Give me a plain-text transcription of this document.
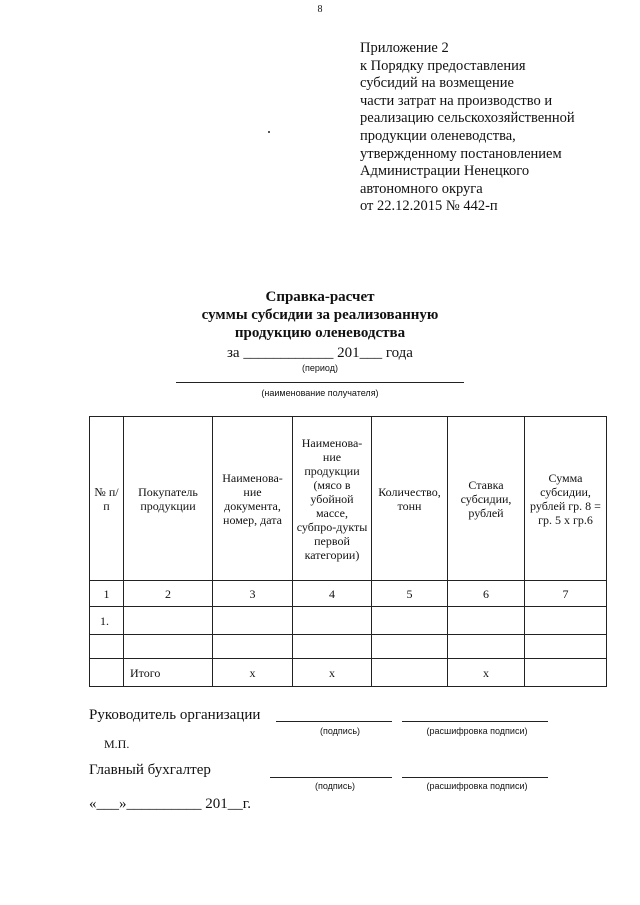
8
Приложение 2
к Порядку предоставления
субсидий на возмещение
части затрат на производство и
реализацию сельскохозяйственной
продукции оленеводства,
утвержденному постановлением
Администрации Ненецкого
автономного округа
от 22.12.2015 № 442-п
Справка-расчет
суммы субсидии за реализованную
продукцию оленеводства
за ____________ 201___ года
(период)
(наименование получателя)
№ п/п	Покупатель продукции	Наименова-ние документа, номер, дата	Наименова-ние продукции (мясо в убойной массе, субпро-дукты первой категории)	Количество, тонн	Ставка субсидии, рублей	Сумма субсидии, рублей гр. 8 = гр. 5 х гр.6
1	2	3	4	5	6	7
1.						

	Итого	х	х		х	
Руководитель организации
(подпись)	(расшифровка подписи)
М.П.
Главный бухгалтер
(подпись)	(расшифровка подписи)
«___»__________ 201__г.
